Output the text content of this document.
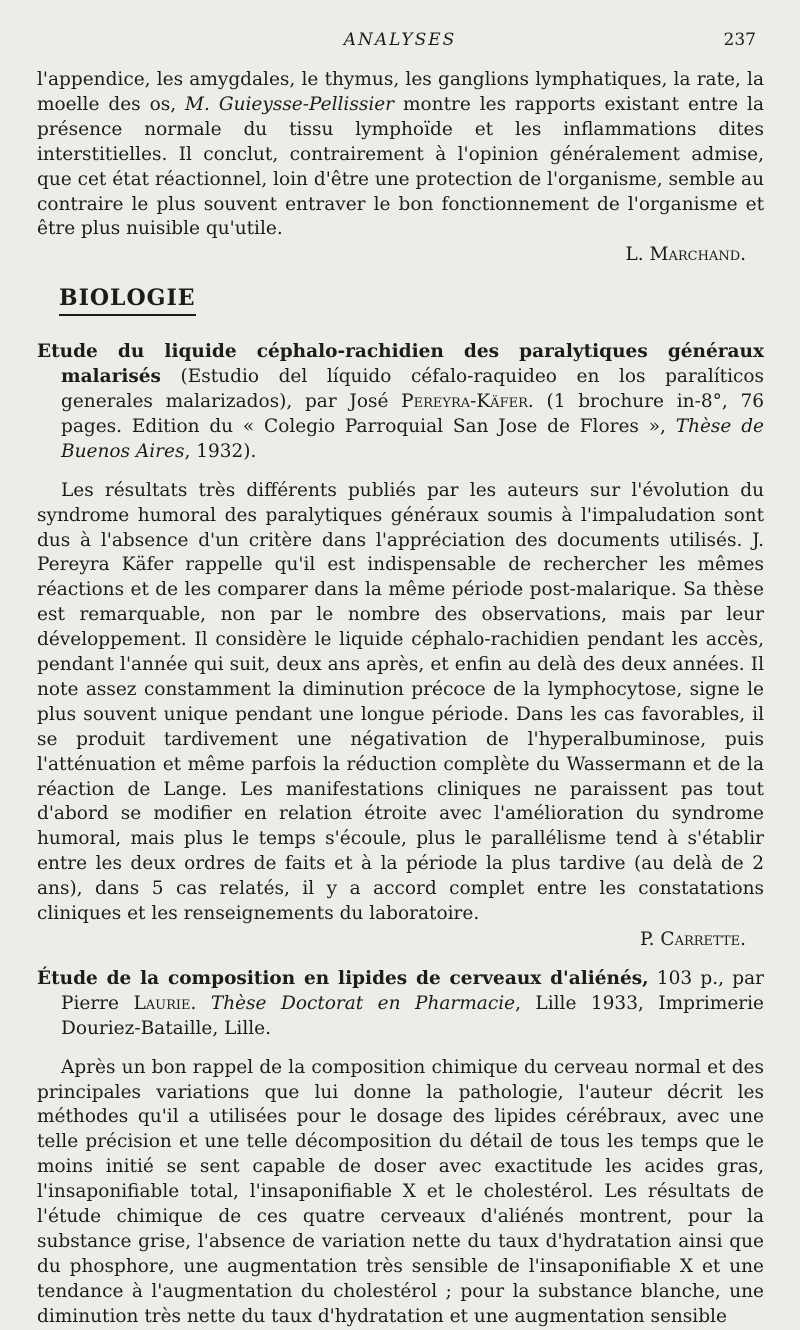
ANALYSES	237

l'appendice, les amygdales, le thymus, les ganglions lymphatiques, la rate, la moelle des os, M. Guieysse-Pellissier montre les rapports existant entre la présence normale du tissu lymphoïde et les inflammations dites interstitielles. Il conclut, contrairement à l'opinion généralement admise, que cet état réactionnel, loin d'être une protection de l'organisme, semble au contraire le plus souvent entraver le bon fonctionnement de l'organisme et être plus nuisible qu'utile.

L. Marchand.

BIOLOGIE

Etude du liquide céphalo-rachidien des paralytiques généraux malarisés (Estudio del líquido céfalo-raquideo en los paralíticos generales malarizados), par José Pereyra-Käfer. (1 brochure in-8°, 76 pages. Edition du « Colegio Parroquial San Jose de Flores », Thèse de Buenos Aires, 1932).

Les résultats très différents publiés par les auteurs sur l'évolution du syndrome humoral des paralytiques généraux soumis à l'impaludation sont dus à l'absence d'un critère dans l'appréciation des documents utilisés. J. Pereyra Käfer rappelle qu'il est indispensable de rechercher les mêmes réactions et de les comparer dans la même période post-malarique. Sa thèse est remarquable, non par le nombre des observations, mais par leur développement. Il considère le liquide céphalo-rachidien pendant les accès, pendant l'année qui suit, deux ans après, et enfin au delà des deux années. Il note assez constamment la diminution précoce de la lymphocytose, signe le plus souvent unique pendant une longue période. Dans les cas favorables, il se produit tardivement une négativation de l'hyperalbuminose, puis l'atténuation et même parfois la réduction complète du Wassermann et de la réaction de Lange. Les manifestations cliniques ne paraissent pas tout d'abord se modifier en relation étroite avec l'amélioration du syndrome humoral, mais plus le temps s'écoule, plus le parallélisme tend à s'établir entre les deux ordres de faits et à la période la plus tardive (au delà de 2 ans), dans 5 cas relatés, il y a accord complet entre les constatations cliniques et les renseignements du laboratoire.

P. Carrette.

Étude de la composition en lipides de cerveaux d'aliénés, 103 p., par Pierre Laurie. Thèse Doctorat en Pharmacie, Lille 1933, Imprimerie Douriez-Bataille, Lille.

Après un bon rappel de la composition chimique du cerveau normal et des principales variations que lui donne la pathologie, l'auteur décrit les méthodes qu'il a utilisées pour le dosage des lipides cérébraux, avec une telle précision et une telle décomposition du détail de tous les temps que le moins initié se sent capable de doser avec exactitude les acides gras, l'insaponifiable total, l'insaponifiable X et le cholestérol. Les résultats de l'étude chimique de ces quatre cerveaux d'aliénés montrent, pour la substance grise, l'absence de variation nette du taux d'hydratation ainsi que du phosphore, une augmentation très sensible de l'insaponifiable X et une tendance à l'augmentation du cholestérol ; pour la substance blanche, une diminution très nette du taux d'hydratation et une augmentation sensible
